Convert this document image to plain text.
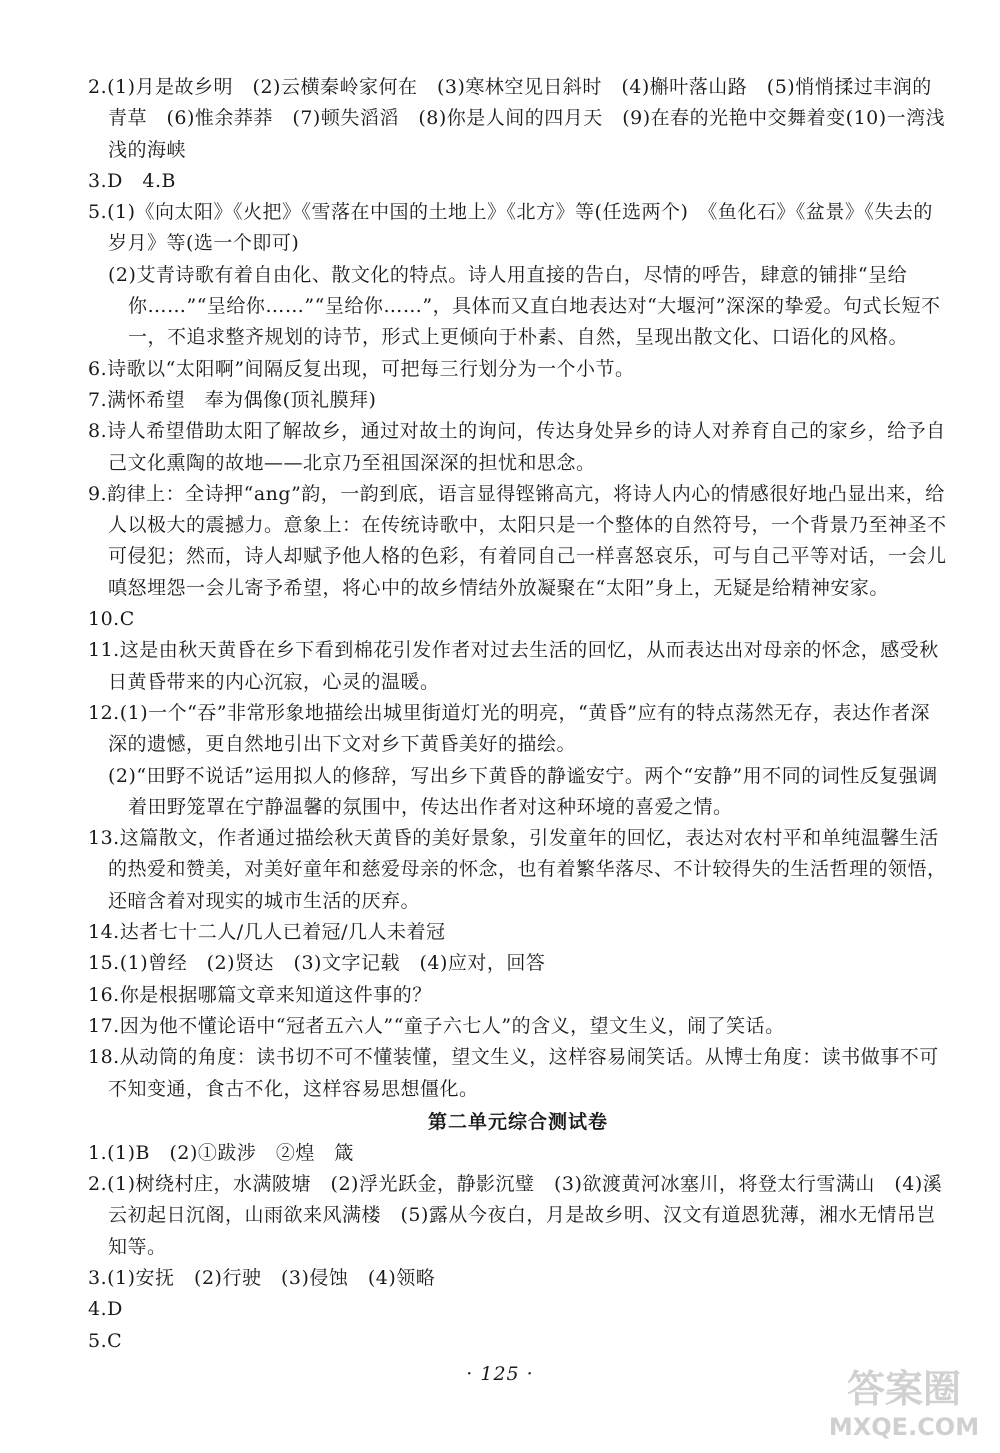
2.(1)月是故乡明　(2)云横秦岭家何在　(3)寒林空见日斜时　(4)槲叶落山路　(5)悄悄揉过丰润的青草　(6)惟余莽莽　(7)顿失滔滔　(8)你是人间的四月天　(9)在春的光艳中交舞着变(10)一湾浅浅的海峡

3.D　4.B

5.(1)《向太阳》《火把》《雪落在中国的土地上》《北方》等(任选两个)　《鱼化石》《盆景》《失去的岁月》等(选一个即可)

(2)艾青诗歌有着自由化、散文化的特点。诗人用直接的告白，尽情的呼告，肆意的铺排“呈给你……”“呈给你……”“呈给你……”，具体而又直白地表达对“大堰河”深深的挚爱。句式长短不一，不追求整齐规划的诗节，形式上更倾向于朴素、自然，呈现出散文化、口语化的风格。

6.诗歌以“太阳啊”间隔反复出现，可把每三行划分为一个小节。

7.满怀希望　奉为偶像(顶礼膜拜)

8.诗人希望借助太阳了解故乡，通过对故土的询问，传达身处异乡的诗人对养育自己的家乡，给予自己文化熏陶的故地——北京乃至祖国深深的担忧和思念。

9.韵律上：全诗押“ang”韵，一韵到底，语言显得铿锵高亢，将诗人内心的情感很好地凸显出来，给人以极大的震撼力。意象上：在传统诗歌中，太阳只是一个整体的自然符号，一个背景乃至神圣不可侵犯；然而，诗人却赋予他人格的色彩，有着同自己一样喜怒哀乐，可与自己平等对话，一会儿嗔怒埋怨一会儿寄予希望，将心中的故乡情结外放凝聚在“太阳”身上，无疑是给精神安家。

10.C

11.这是由秋天黄昏在乡下看到棉花引发作者对过去生活的回忆，从而表达出对母亲的怀念，感受秋日黄昏带来的内心沉寂，心灵的温暖。

12.(1)一个“吞”非常形象地描绘出城里街道灯光的明亮，“黄昏”应有的特点荡然无存，表达作者深深的遗憾，更自然地引出下文对乡下黄昏美好的描绘。

(2)“田野不说话”运用拟人的修辞，写出乡下黄昏的静谧安宁。两个“安静”用不同的词性反复强调着田野笼罩在宁静温馨的氛围中，传达出作者对这种环境的喜爱之情。

13.这篇散文，作者通过描绘秋天黄昏的美好景象，引发童年的回忆，表达对农村平和单纯温馨生活的热爱和赞美，对美好童年和慈爱母亲的怀念，也有着繁华落尽、不计较得失的生活哲理的领悟，还暗含着对现实的城市生活的厌弃。

14.达者七十二人/几人已着冠/几人未着冠

15.(1)曾经　(2)贤达　(3)文字记载　(4)应对，回答

16.你是根据哪篇文章来知道这件事的？

17.因为他不懂论语中“冠者五六人”“童子六七人”的含义，望文生义，闹了笑话。

18.从动筒的角度：读书切不可不懂装懂，望文生义，这样容易闹笑话。从博士角度：读书做事不可不知变通，食古不化，这样容易思想僵化。

第二单元综合测试卷

1.(1)B　(2)①跋涉　②煌　箴

2.(1)树绕村庄，水满陂塘　(2)浮光跃金，静影沉璧　(3)欲渡黄河冰塞川，将登太行雪满山　(4)溪云初起日沉阁，山雨欲来风满楼　(5)露从今夜白，月是故乡明、汉文有道恩犹薄，湘水无情吊岂知等。

3.(1)安抚　(2)行驶　(3)侵蚀　(4)领略

4.D

5.C

· 125 ·	答案圈
MXQE.COM
